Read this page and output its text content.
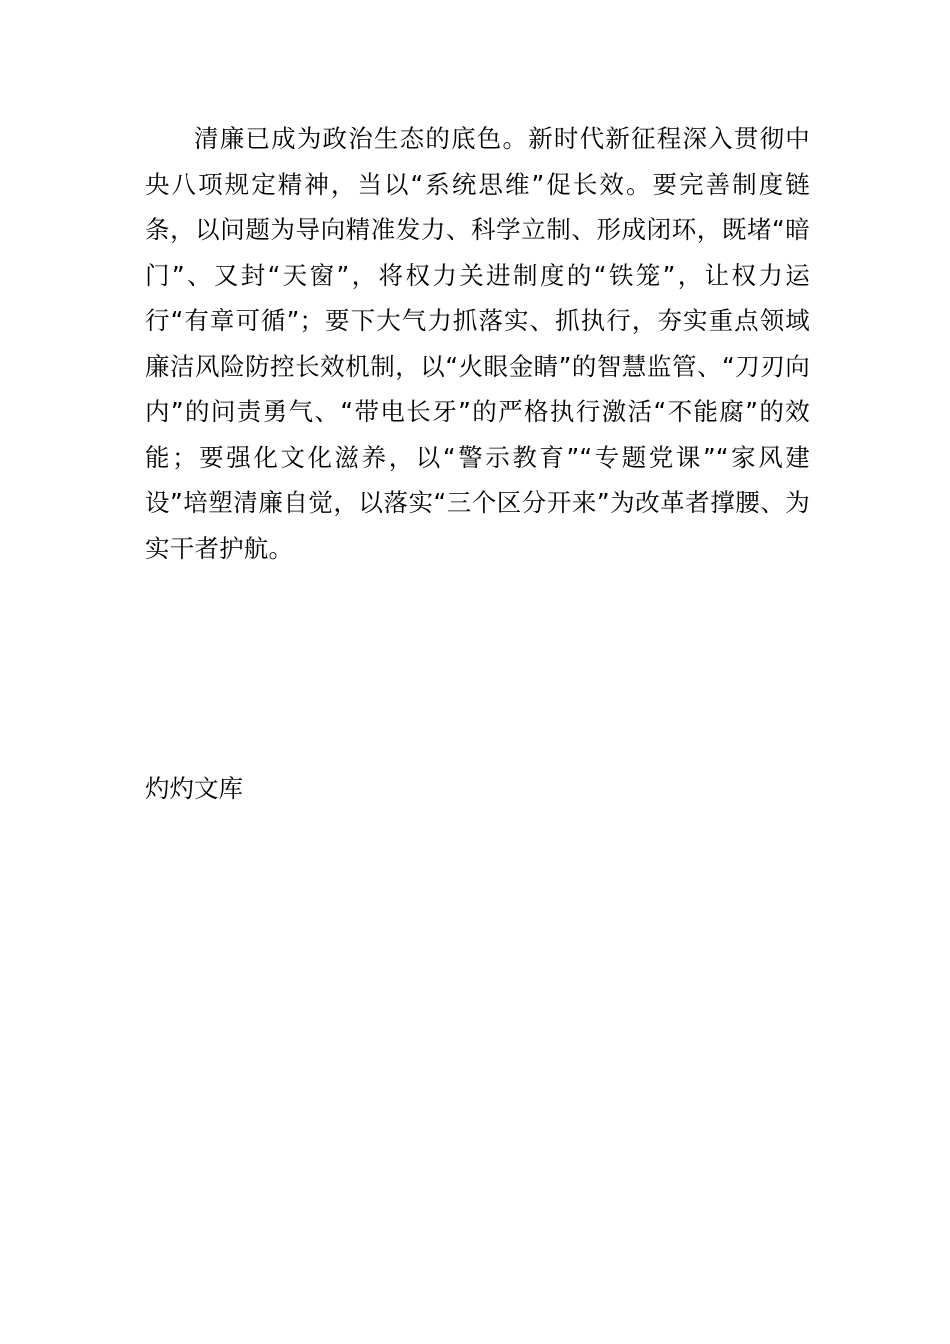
清廉已成为政治生态的底色。新时代新征程深入贯彻中央八项规定精神，当以“系统思维”促长效。要完善制度链条，以问题为导向精准发力、科学立制、形成闭环，既堵“暗门”、又封“天窗”，将权力关进制度的“铁笼”，让权力运行“有章可循”；要下大气力抓落实、抓执行，夯实重点领域廉洁风险防控长效机制，以“火眼金睛”的智慧监管、“刀刃向内”的问责勇气、“带电长牙”的严格执行激活“不能腐”的效能；要强化文化滋养，以“警示教育”“专题党课”“家风建设”培塑清廉自觉，以落实“三个区分开来”为改革者撑腰、为实干者护航。

灼灼文库
